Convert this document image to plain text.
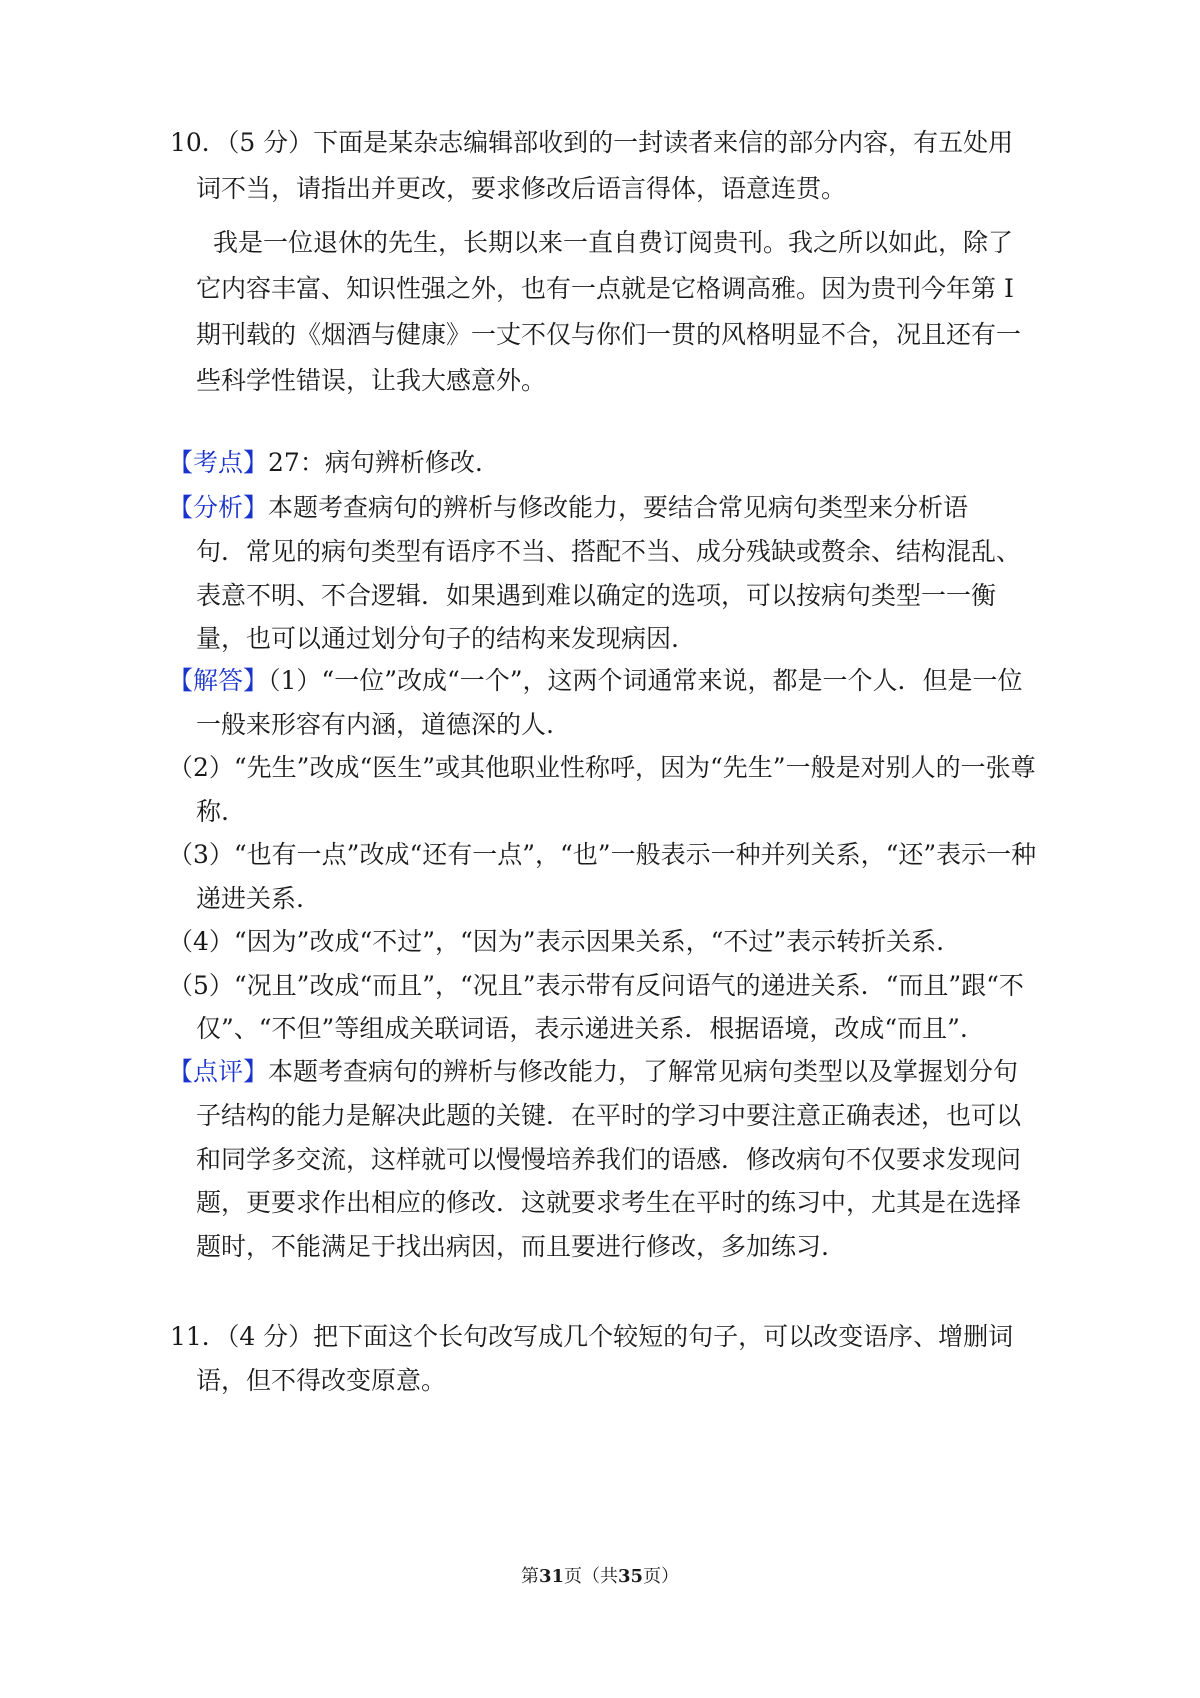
10．（5 分）下面是某杂志编辑部收到的一封读者来信的部分内容，有五处用
词不当，请指出并更改，要求修改后语言得体，语意连贯。
我是一位退休的先生，长期以来一直自费订阅贵刊。我之所以如此，除了
它内容丰富、知识性强之外，也有一点就是它格调高雅。因为贵刊今年第 I
期刊载的《烟酒与健康》一丈不仅与你们一贯的风格明显不合，况且还有一
些科学性错误，让我大感意外。
【考点】27：病句辨析修改.
【分析】本题考查病句的辨析与修改能力，要结合常见病句类型来分析语
句．常见的病句类型有语序不当、搭配不当、成分残缺或赘余、结构混乱、
表意不明、不合逻辑．如果遇到难以确定的选项，可以按病句类型一一衡
量，也可以通过划分句子的结构来发现病因.
【解答】（1）“一位”改成“一个”，这两个词通常来说，都是一个人．但是一位
一般来形容有内涵，道德深的人.
（2）“先生”改成“医生”或其他职业性称呼，因为“先生”一般是对别人的一张尊
称.
（3）“也有一点”改成“还有一点”，“也”一般表示一种并列关系，“还”表示一种
递进关系.
（4）“因为”改成“不过”，“因为”表示因果关系，“不过”表示转折关系.
（5）“况且”改成“而且”，“况且”表示带有反问语气的递进关系．“而且”跟“不
仅”、“不但”等组成关联词语，表示递进关系．根据语境，改成“而且”.
【点评】本题考查病句的辨析与修改能力，了解常见病句类型以及掌握划分句
子结构的能力是解决此题的关键．在平时的学习中要注意正确表述，也可以
和同学多交流，这样就可以慢慢培养我们的语感．修改病句不仅要求发现问
题，更要求作出相应的修改．这就要求考生在平时的练习中，尤其是在选择
题时，不能满足于找出病因，而且要进行修改，多加练习.
11．（4 分）把下面这个长句改写成几个较短的句子，可以改变语序、增删词
语，但不得改变原意。
第31页（共35页）
